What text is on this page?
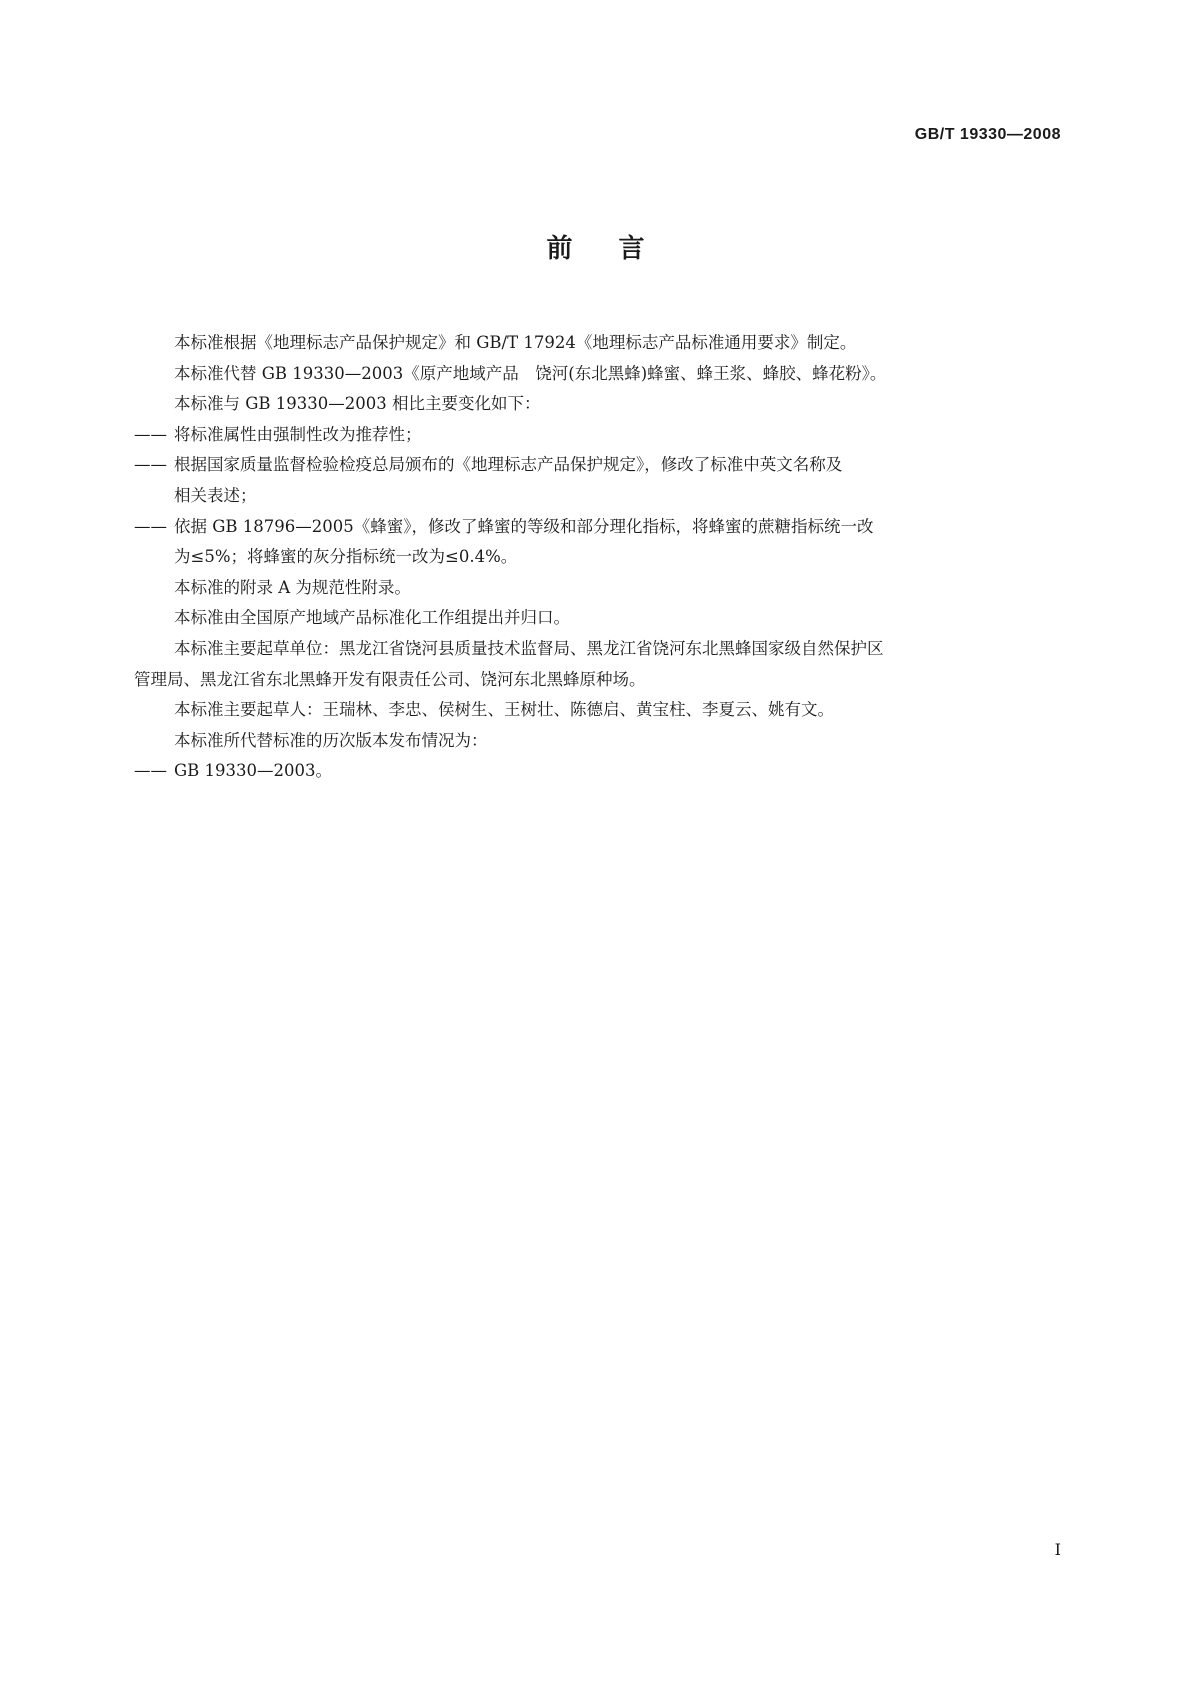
GB/T 19330—2008
前 言
本标准根据《地理标志产品保护规定》和 GB/T 17924《地理标志产品标准通用要求》制定。
本标准代替 GB 19330—2003《原产地域产品　饶河(东北黑蜂)蜂蜜、蜂王浆、蜂胶、蜂花粉》。
本标准与 GB 19330—2003 相比主要变化如下：
—— 将标准属性由强制性改为推荐性；
—— 根据国家质量监督检验检疫总局颁布的《地理标志产品保护规定》，修改了标准中英文名称及
相关表述；
—— 依据 GB 18796—2005《蜂蜜》，修改了蜂蜜的等级和部分理化指标，将蜂蜜的蔗糖指标统一改
为≤5%；将蜂蜜的灰分指标统一改为≤0.4%。
本标准的附录 A 为规范性附录。
本标准由全国原产地域产品标准化工作组提出并归口。
本标准主要起草单位：黑龙江省饶河县质量技术监督局、黑龙江省饶河东北黑蜂国家级自然保护区
管理局、黑龙江省东北黑蜂开发有限责任公司、饶河东北黑蜂原种场。
本标准主要起草人：王瑞林、李忠、侯树生、王树壮、陈德启、黄宝柱、李夏云、姚有文。
本标准所代替标准的历次版本发布情况为：
—— GB 19330—2003。
I
